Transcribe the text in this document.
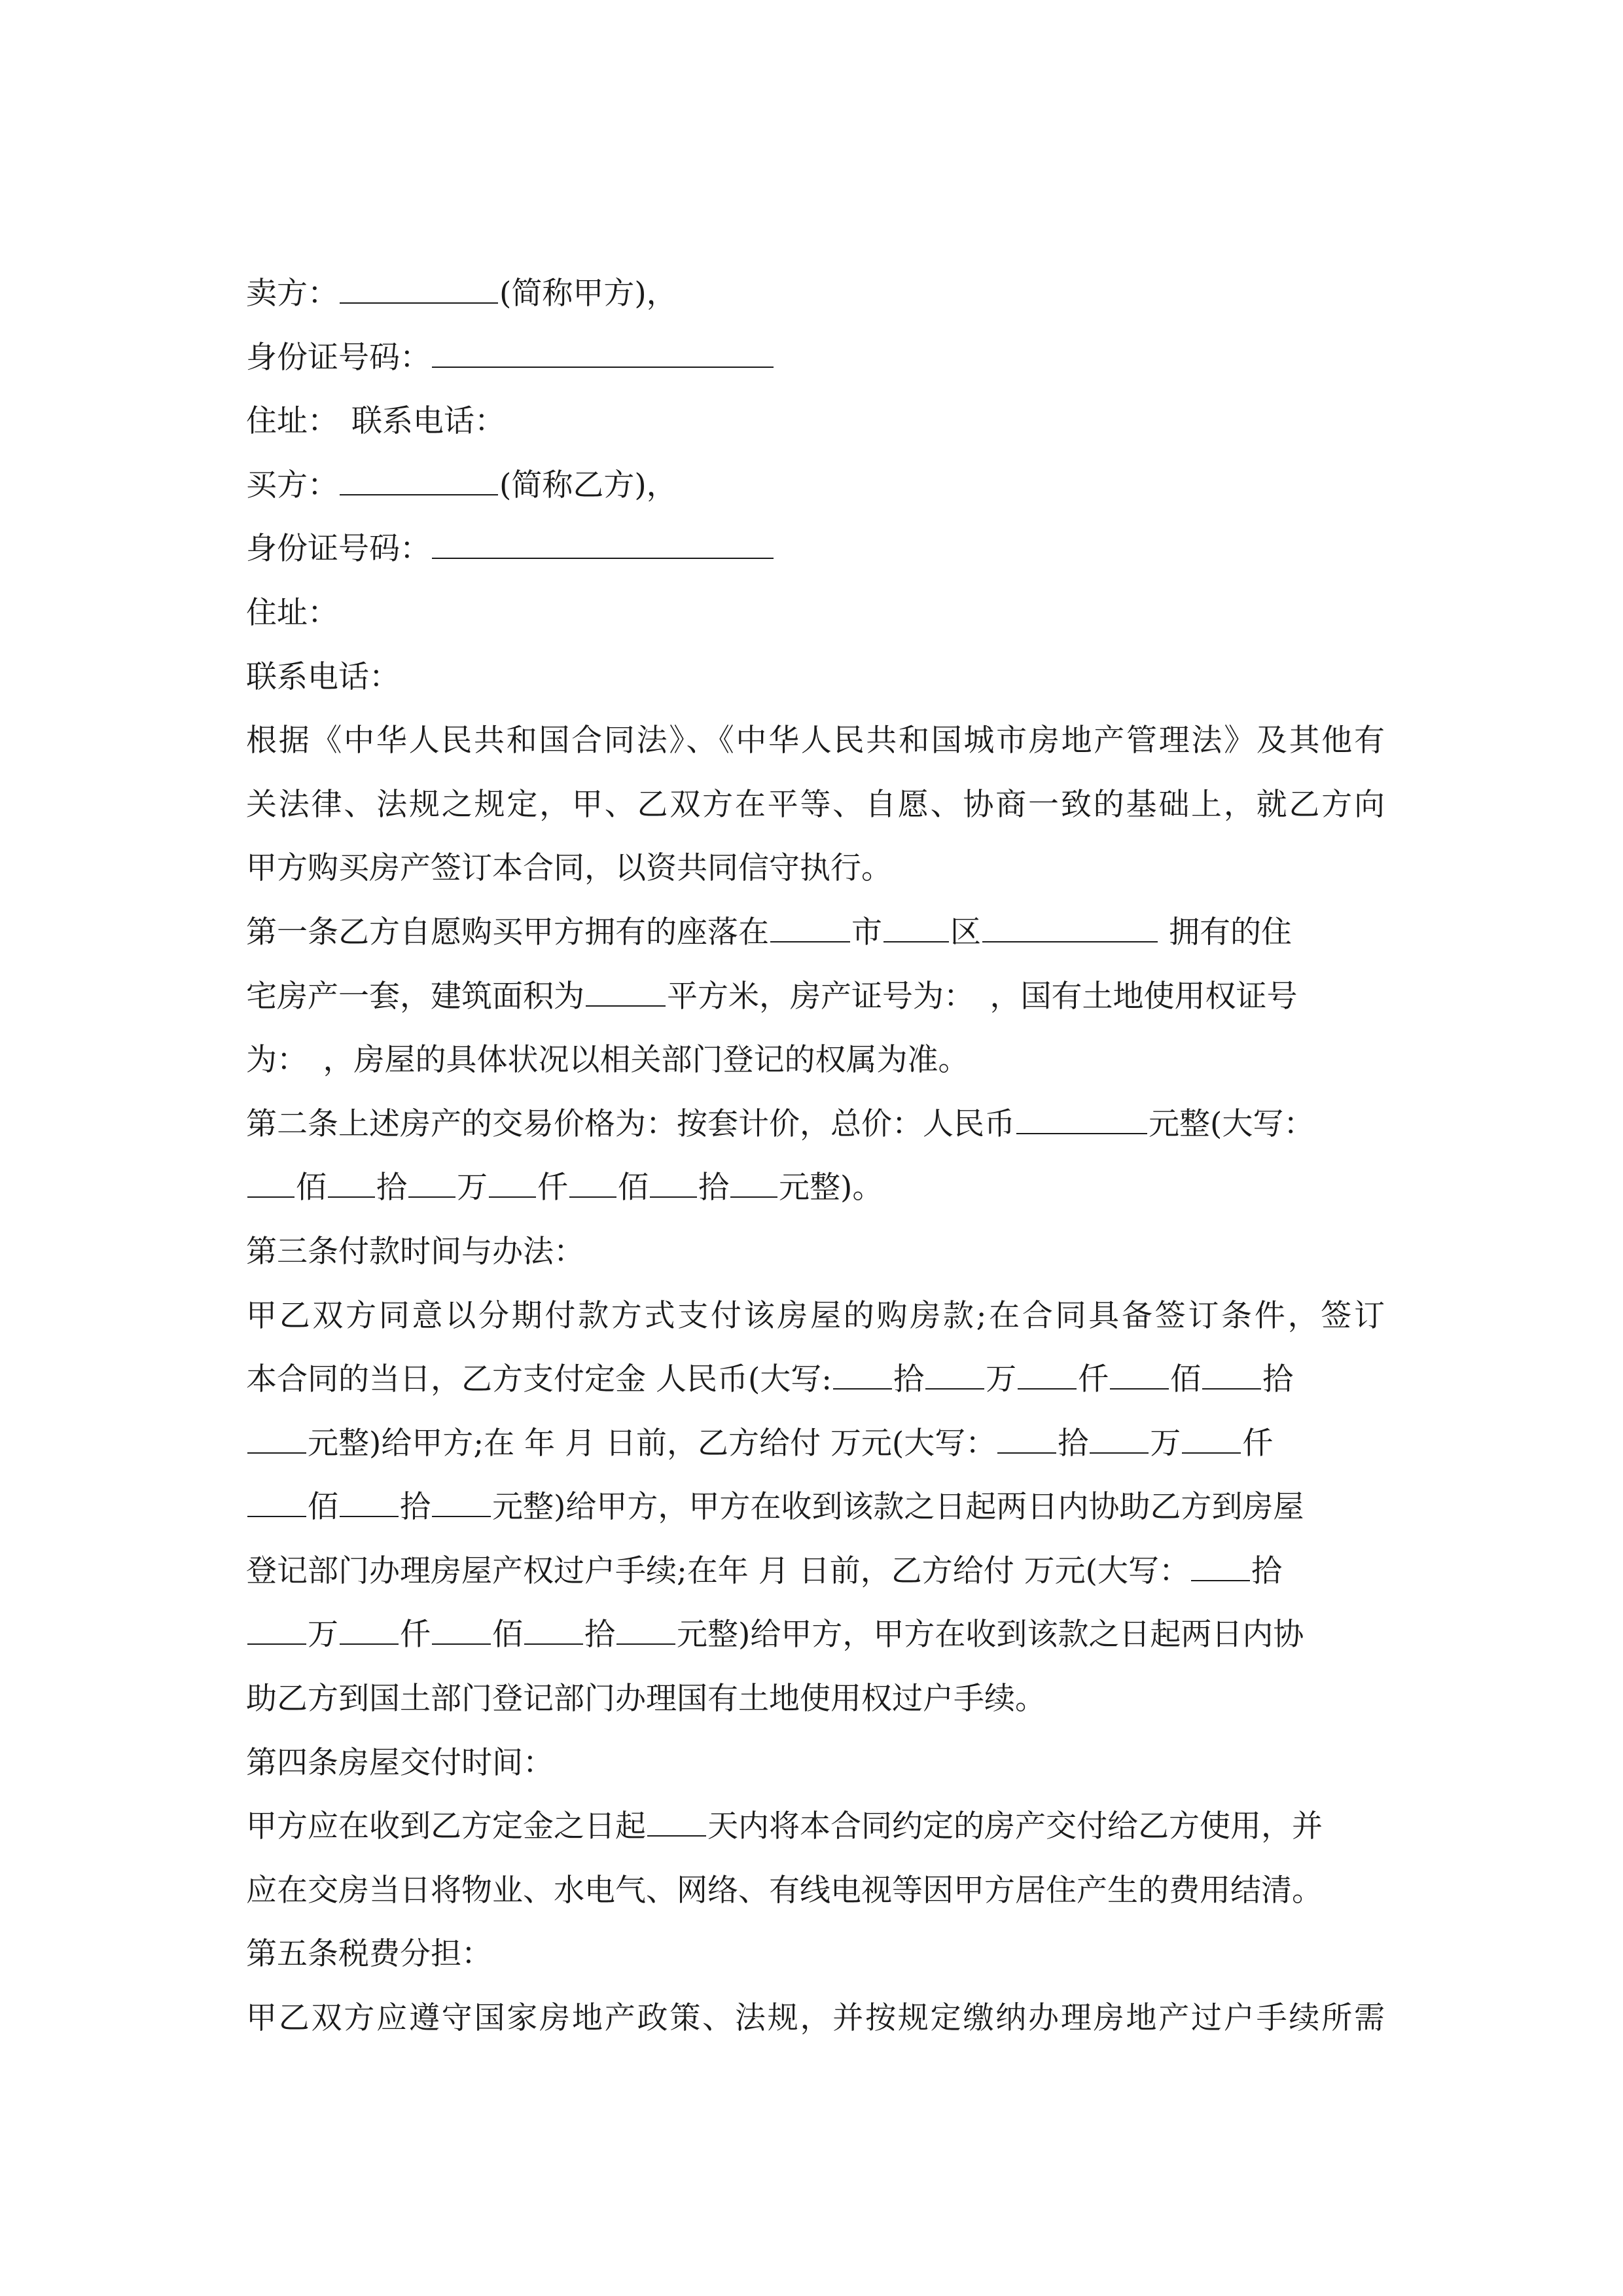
卖方：	(简称甲方)，
身份证号码：
住址： 联系电话：
买方：	(简称乙方)，
身份证号码：
住址：
联系电话：
根据《中华人民共和国合同法》、《中华人民共和国城市房地产管理法》及其他有
关法律、法规之规定，甲、乙双方在平等、自愿、协商一致的基础上，就乙方向
甲方购买房产签订本合同，以资共同信守执行。
第一条乙方自愿购买甲方拥有的座落在	市 区	拥有的住
宅房产一套，建筑面积为	平方米，房产证号为：　，国有土地使用权证号
为：　，房屋的具体状况以相关部门登记的权属为准。
第二条上述房产的交易价格为：按套计价，总价：人民币	元整(大写：
佰 拾 万 仟 佰 拾 元整)。
第三条付款时间与办法：
甲乙双方同意以分期付款方式支付该房屋的购房款;在合同具备签订条件，签订
本合同的当日，乙方支付定金 人民币(大写: 拾 万 仟 佰 拾
元整)给甲方;在 年 月 日前，乙方给付 万元(大写： 拾 万 仟
佰 拾 元整)给甲方，甲方在收到该款之日起两日内协助乙方到房屋
登记部门办理房屋产权过户手续;在年 月 日前，乙方给付 万元(大写： 拾
万 仟 佰 拾 元整)给甲方，甲方在收到该款之日起两日内协
助乙方到国土部门登记部门办理国有土地使用权过户手续。
第四条房屋交付时间：
甲方应在收到乙方定金之日起 天内将本合同约定的房产交付给乙方使用，并
应在交房当日将物业、水电气、网络、有线电视等因甲方居住产生的费用结清。
第五条税费分担：
甲乙双方应遵守国家房地产政策、法规，并按规定缴纳办理房地产过户手续所需
